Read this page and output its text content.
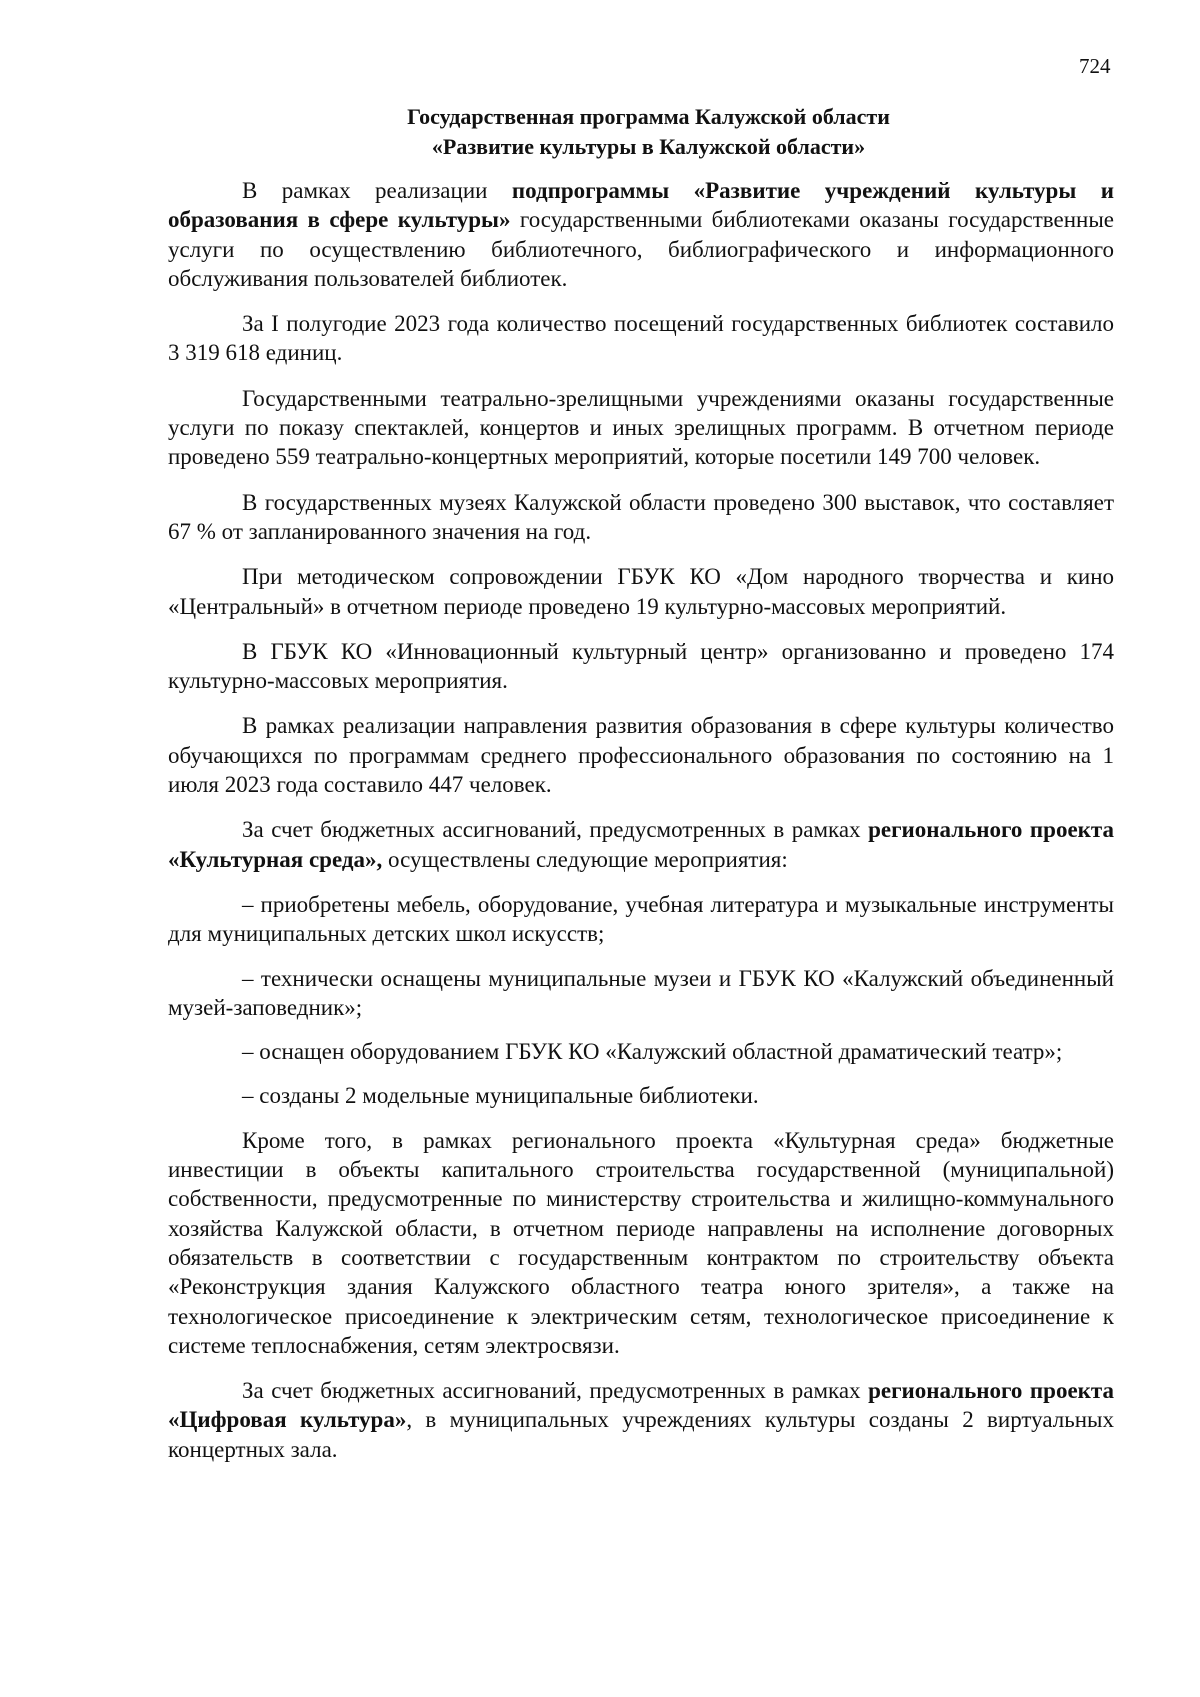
724
Государственная программа Калужской области
«Развитие культуры в Калужской области»

В рамках реализации подпрограммы «Развитие учреждений культуры и образования в сфере культуры» государственными библиотеками оказаны государственные услуги по осуществлению библиотечного, библиографического и информационного обслуживания пользователей библиотек.

За I полугодие 2023 года количество посещений государственных библиотек составило 3 319 618 единиц.

Государственными театрально-зрелищными учреждениями оказаны государственные услуги по показу спектаклей, концертов и иных зрелищных программ. В отчетном периоде проведено 559 театрально-концертных мероприятий, которые посетили 149 700 человек.

В государственных музеях Калужской области проведено 300 выставок, что составляет 67 % от запланированного значения на год.

При методическом сопровождении ГБУК КО «Дом народного творчества и кино «Центральный» в отчетном периоде проведено 19 культурно-массовых мероприятий.

В ГБУК КО «Инновационный культурный центр» организованно и проведено 174 культурно-массовых мероприятия.

В рамках реализации направления развития образования в сфере культуры количество обучающихся по программам среднего профессионального образования по состоянию на 1 июля 2023 года составило 447 человек.

За счет бюджетных ассигнований, предусмотренных в рамках регионального проекта «Культурная среда», осуществлены следующие мероприятия:

– приобретены мебель, оборудование, учебная литература и музыкальные инструменты для муниципальных детских школ искусств;

– технически оснащены муниципальные музеи и ГБУК КО «Калужский объединенный музей-заповедник»;

– оснащен оборудованием ГБУК КО «Калужский областной драматический театр»;

– созданы 2 модельные муниципальные библиотеки.

Кроме того, в рамках регионального проекта «Культурная среда» бюджетные инвестиции в объекты капитального строительства государственной (муниципальной) собственности, предусмотренные по министерству строительства и жилищно-коммунального хозяйства Калужской области, в отчетном периоде направлены на исполнение договорных обязательств в соответствии с государственным контрактом по строительству объекта «Реконструкция здания Калужского областного театра юного зрителя», а также на технологическое присоединение к электрическим сетям, технологическое присоединение к системе теплоснабжения, сетям электросвязи.

За счет бюджетных ассигнований, предусмотренных в рамках регионального проекта «Цифровая культура», в муниципальных учреждениях культуры созданы 2 виртуальных концертных зала.
